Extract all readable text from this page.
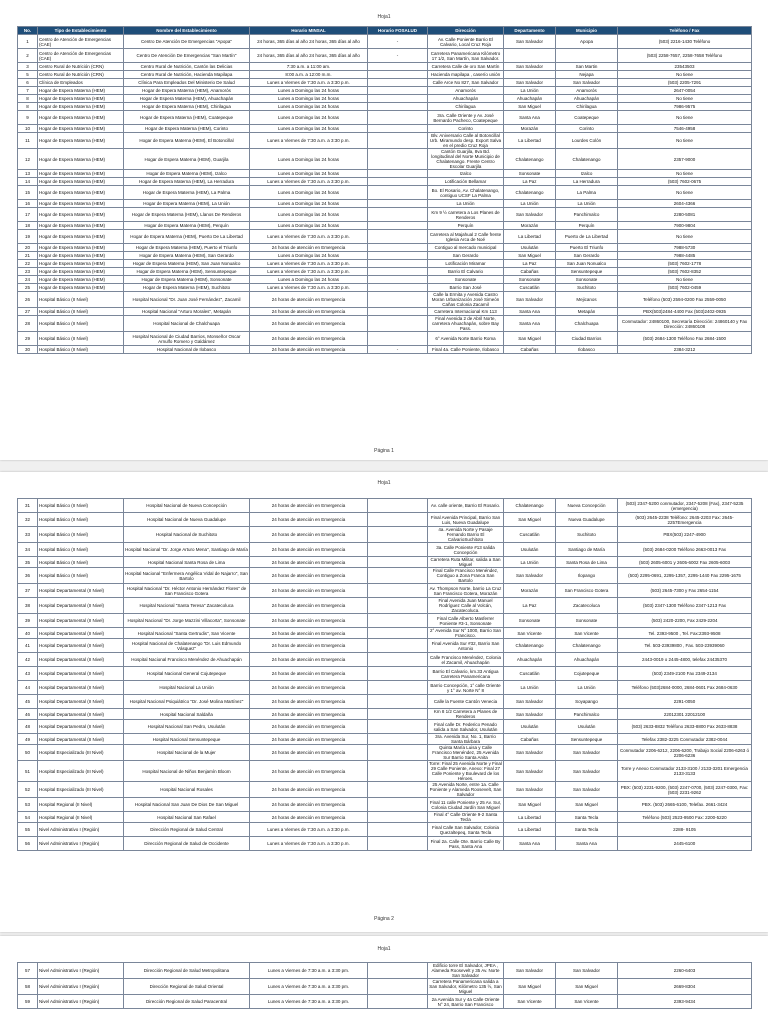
Hoja1
No.	Tipo de Establecimiento	Nombre del Establecimiento	Horario MINSAL	Horario FOSALUD	Dirección	Departamento	Municipio	Teléfono / Fax
1	Centro de Atención de Emergencias (CAE)	Centro De Atención De Emergencias "Apopa"	24 horas, 365 días al año 24 horas, 365 días al año	-	Av. Calle Poniente Barrio El Calvario, Local Cruz Roja	San Salvador	Apopa	(503) 2216-1430 Teléfono
2	Centro de Atención de Emergencias (CAE)	Centro De Atención De Emergencias "San Martín"	24 horas, 365 días al año 24 horas, 365 días al año	-	Carretera Panamericana Kilómetro 17 1/2, San Martín, San Salvador.			(503) 2258-7657, 2258-7658 Teléfono
3	Centro Rural de Nutrición (CRN)	Centro Rural de Nutrición, Cantón las Delicias	7:30 a.m. a 11:00 am.		Carretera Calle de oro San Martín	San Salvador	San Martin	23543503
5	Centro Rural de Nutrición (CRN)	Centro Rural de Nutrición, Hacienda Mapilapa	8:00 a.m. a 12:00 m.m.		Hacienda mapilapa , caserío unión		Nejapa	No tiene
6	Clínica de Empleados	Clínica Para Empleados Del Ministerio De Salud	Lunes a Viernes de 7:30 a.m. a 3:30 p.m.		Calle Arce No 827, San Salvador	San Salvador	San Salvador	(503) 2205-7291
7	Hogar de Espera Materna (HEM)	Hogar de Espera Materna (HEM), Anamorós	Lunes a Domingo las 24 horas		Anamorós	La Unión	Anamorós	2647-0054
8	Hogar de Espera Materna (HEM)	Hogar de Espera Materna (HEM), Ahuachapán	Lunes a Domingo las 24 horas		Ahuachapán	Ahuachapán	Ahuachapán	No tiene
8	Hogar de Espera Materna (HEM)	Hogar de Espera Materna (HEM), Chirilagua	Lunes a Domingo las 24 horas		Chirilagua	San Miguel	Chirilagua	7986-9575
9	Hogar de Espera Materna (HEM)	Hogar de Espera Materna (HEM), Coatepeque	Lunes a Domingo las 24 horas		3ra. Calle Oriente y Av. José Bernardo Pacheco, Coatepeque	Santa Ana	Coatepeque	No tiene
10	Hogar de Espera Materna (HEM)	Hogar de Espera Materna (HEM), Corinto	Lunes a Domingo las 24 horas		Corinto	Morazán	Corinto	7546-4958
11	Hogar de Espera Materna (HEM)	Hogar de Espera Materna (HEM), El Botoncillal	Lunes a Viernes de 7:30 a.m. a 3:30 p.m.		Blv. Aniversario Calle al Botoncillal Urb. Miramundo desp. Export Salva en el predio Cruz Roja	La Libertad	Lourdes Colón	No tiene
12	Hogar de Espera Materna (HEM)	Hogar de Espera Materna (HEM), Guarjila	Lunes a Domingo las 24 horas		Cantón Guarjila, 8va Bd. longitudinal del Norte Municipio de Chalatenango. Frente Centro Escolar Guarjila	Chalatenango	Chalatenango	2357-9000
13	Hogar de Espera Materna (HEM)	Hogar de Espera Materna (HEM), Izalco	Lunes a Domingo las 24 horas		Izalco	Sonsonate	Izalco	No tiene
14	Hogar de Espera Materna (HEM)	Hogar de Espera Materna (HEM), La Herradura	Lunes a Viernes de 7:30 a.m. a 3:30 p.m.		Lotificación Bellamar	La Paz	La Herradura	(503) 7602-0675
15	Hogar de Espera Materna (HEM)	Hogar de Espera Materna (HEM), La Palma	Lunes a Domingo las 24 horas		Bo. El Rosario, Av. Chalatenango, contiguo UCSF La Palma	Chalatenango	La Palma	No tiene
16	Hogar de Espera Materna (HEM)	Hogar de Espera Materna (HEM), La Unión	Lunes a Domingo las 24 horas		La Unión	La Unión	La Unión	2604-4366
17	Hogar de Espera Materna (HEM)	Hogar de Espera Materna (HEM), Llanos De Renderos	Lunes a Domingo las 24 horas		Km 9 ½ carretera a Los Planes de Renderos	San Salvador	Panchimalco	2280-5081
18	Hogar de Espera Materna (HEM)	Hogar de Espera Materna (HEM), Perquín	Lunes a Domingo las 24 horas		Perquín	Morazán	Perquín	7900-9804
19	Hogar de Espera Materna (HEM)	Hogar de Espera Materna (HEM), Puerto De La Libertad	Lunes a Viernes de 7:30 a.m. a 3:30 p.m.		Carretera al Majahual 2 Calle frente Iglesia Arca de Noé	La Libertad	Puerto de La Libertad	No tiene
20	Hogar de Espera Materna (HEM)	Hogar de Espera Materna (HEM), Puerto el Triunfo	24 horas de atención en Emergencia		Contiguo al mercado municipal	Usulután	Puerto El Triunfo	7988-5730
21	Hogar de Espera Materna (HEM)	Hogar de Espera Materna (HEM), San Gerardo	Lunes a Domingo las 24 horas		San Gerardo	San Miguel	San Gerardo	7988-4485
22	Hogar de Espera Materna (HEM)	Hogar de Espera Materna (HEM), San Juan Nonualco	Lunes a Viernes de 7:30 a.m. a 3:30 p.m.		Lotificación Miramar	La Paz	San Juan Nonualco	(503) 7602-1778
23	Hogar de Espera Materna (HEM)	Hogar de Espera Materna (HEM), Sensuntepeque	Lunes a Viernes de 7:30 a.m. a 3:30 p.m.		Barrio El Calvario	Cabañas	Sensuntepeque	(503) 7602-8352
24	Hogar de Espera Materna (HEM)	Hogar de Espera Materna (HEM), Sonsonate	Lunes a Domingo las 24 horas		Sonsonate	Sonsonate	Sonsonate	No tiene
25	Hogar de Espera Materna (HEM)	Hogar de Espera Materna (HEM), Suchitoto	Lunes a Viernes de 7:30 a.m. a 3:30 p.m.		Barrio San José	Cuscatlán	Suchitoto	(503) 7602-0459
26	Hospital Básico (II Nivel)	Hospital Nacional "Dr. Juan José Fernández", Zacamil	24 horas de atención en Emergencia		Calle la Ermita y Avenida Castro Moran Urbanización José Simeón Cañas Colonia Zacamil	San Salvador	Mejicanos	Teléfono (503) 2594-0200 Fax 2559-0050
27	Hospital Básico (II Nivel)	Hospital Nacional "Arturo Morales", Metapán	24 horas de atención en Emergencia		Carretera Internacional Km 113	Santa Ana	Metapán	PBX(503)2484-4400 Fax (503)2402-0935
28	Hospital Básico (II Nivel)	Hospital Nacional de Chalchuapa	24 horas de atención en Emergencia		Final Avenida 2 de Abril Norte, carretera Ahuachapán, sobre Bay Pass.	Santa Ana	Chalchuapa	Conmutador: 24860100, Secretaría Dirección: 24860140 y Fax Dirección: 24860108
29	Hospital Básico (II Nivel)	Hospital Nacional de Ciudad Barrios, Monseñor Oscar Arnulfo Romero y Galdámez	24 horas de atención en Emergencia		6° Avenida Norte Barrio Roma	San Miguel	Ciudad Barrios	(503) 2684-1300 Teléfono Fax 2684-1500
30	Hospital Básico (II Nivel)	Hospital Nacional de Ilobasco	24 horas de atención en Emergencia	-	Final 4a. Calle Poniente, Ilobasco	Cabañas	Ilobasco	2384-3212
Página 1
Hoja1
31	Hospital Básico (II Nivel)	Hospital Nacional de Nueva Concepción	24 horas de atención en Emergencia		Av. calle oriente, Barrio El Rosario.	Chalatenango	Nueva Concepción	(503) 2347-5200 conmutador, 2347-5208 (Fax), 2347-5235 (emergencia)
32	Hospital Básico (II Nivel)	Hospital Nacional de Nueva Guadalupe	24 horas de atención en Emergencia		Final Avenida Principal, Barrio San Luis, Nueva Guadalupe	San Miguel	Nueva Guadalupe	(503) 2645-2238 Teléfono: 2645-2203 Fax: 2645-2257Emergencia
33	Hospital Básico (II Nivel)	Hospital Nacional de Suchitoto	24 horas de atención en Emergencia		4a. Avenida Norte y Pasaje Fernando Barrio El CalvarioSuchitoto	Cuscatlán	Suchitoto	PBX(503) 2247-4900
34	Hospital Básico (II Nivel)	Hospital Nacional "Dr. Jorge Arturo Mena", Santiago de María	24 horas de atención en Emergencia		3a. Calle Poniente #13 salida Concepción	Usulután	Santiago de María	(503) 2684-0200 Teléfono 2663-0013 Fax
35	Hospital Básico (II Nivel)	Hospital Nacional Santa Rosa de Lima	24 horas de atención en Emergencia		Carretera Ruta Militar, salida a San Miguel	La Unión	Santa Rosa de Lima	(503) 2605-6001 y 2605-6002 Fax 2605-6003
36	Hospital Básico (II Nivel)	Hospital Nacional "Enfermera Angélica Vidal de Najarro", San Bartolo	24 horas de atención en Emergencia		Final Calle Francisco Menéndez, Contiguo a Zona Franca San Bartolo	San Salvador	Ilopango	(503) 2295-0691, 2295-1357, 2295-1440 Fax 2295-1675
37	Hospital Departamental (II Nivel)	Hospital Nacional "Dr. Héctor Antonio Hernández Flores" de San Francisco Gotera	24 horas de atención en Emergencia		Av. Thompson Norte, barrio La Cruz San Francisco Gotera, Morazán	Morazán	San Francisco Gotera	(503) 2645-7300 y Fax 2654-1154
38	Hospital Departamental (II Nivel)	Hospital Nacional "Santa Teresa" Zacatecoluca	24 horas de atención en Emergencia		Final Avenida Juan Manuel Rodríguez Calle al Volcán, Zacatecoluca.	La Paz	Zacatecoluca	(503) 2347-1300 Teléfono 2347-1213 Fax
39	Hospital Departamental (II Nivel)	Hospital Nacional "Dr. Jorge Mazzini Villacorta", Sonsonate	24 horas de atención en Emergencia		Final Calle Alberto Masferrer Poniente #3-1, Sonsonate	Sonsonate	Sonsonate	(503) 2420-2200, Fax 2429-2204
40	Hospital Departamental (II Nivel)	Hospital Nacional "Santa Gertrudis", San Vicente	24 horas de atención en Emergencia		2° Avenida Sur N° 1000, Barrio San Francisco.	San Vicente	San Vicente	Tel. 2393-9500 , Tel. Fax:2393-9508
41	Hospital Departamental (II Nivel)	Hospital Nacional de Chalatenango "Dr. Luis Edmundo Vásquez"	24 horas de atención en Emergencia		Final Avenida Sur #32, Barrio San Antonio	Chalatenango	Chalatenango	Tel. 503-23939800 , Fax. 503-23939060
42	Hospital Departamental (II Nivel)	Hospital Nacional Francisco Menéndez de Ahuachapán	24 horas de atención en Emergencia		Calle Francisco Menéndez, Colonia el Zacamil, Ahuachapán	Ahuachapán	Ahuachapán	2443-0019 o 2445-4800, telefax 24435370
43	Hospital Departamental (II Nivel)	Hospital Nacional General Cojutepeque	24 horas de atención en Emergencia		Barrio El Calvario, km.33 Antigua Carretera Panamericana	Cuscatlán	Cojutepeque	(503) 2349-2100 Fax 2349-2134
44	Hospital Departamental (II Nivel)	Hospital Nacional La Unión	24 horas de atención en Emergencia		Barrio Concepción, 1° calle Oriente y 1° av. Norte N° 8	La Unión	La Unión	Teléfono (503)2684-0000, 2684-0601 Fax 2684-0630
45	Hospital Departamental (II Nivel)	Hospital Nacional Psiquiátrico "Dr. José Molina Martínez"	24 horas de atención en Emergencia		Calle la Fuente Cantón Venecia	San Salvador	Soyapango	2291-0050
46	Hospital Departamental (II Nivel)	Hospital Nacional Saldaña	24 horas de atención en Emergencia		Km 8 1/2 Carretera a Planes de Renderos	San Salvador	Panchimalco	22012301 22012100
48	Hospital Departamental (II Nivel)	Hospital Nacional San Pedro, Usulután	24 horas de atención en Emergencia		Final calle Dr. Federico Penado salida a San Salvador, Usulután	Usulután	Usulután	(503) 2633-8832 Teléfono 2633-8800 Fax 2633-8838
49	Hospital Departamental (II Nivel)	Hospital Nacional Sensuntepeque	24 horas de atención en Emergencia		3ra. Avenida Sur, No. 1, Barrio Santa Bárbara	Cabañas	Sensuntepeque	Telefax 2382-3225 Conmutador 2382-0044
50	Hospital Especializado (III Nivel)	Hospital Nacional de la Mujer	24 horas de atención en Emergencia		Quinta María Luisa y Calle Francisco Menéndez, 25 Avenida Sur Barrio Santa Anita	San Salvador	San Salvador	Conmutador 2206-6212, 2206-6200, Trabajo Social 2206-6263 ó 2206-6236
51	Hospital Especializado (III Nivel)	Hospital Nacional de Niños Benjamín Bloom	24 horas de atención en Emergencia		Torre: Final 25 Avenida Norte y Final 29 Calle Poniente, Anexo: Final 27 Calle Poniente y Boulevard de los Héroes.	San Salvador	San Salvador	Torre y Anexo Conmutador 2133-3100 / 2133-3201 Emergencia 2133-3133
52	Hospital Especializado (III Nivel)	Hospital Nacional Rosales	24 horas de atención en Emergencia		25 Avenida Norte, entre 1a. Calle Poniente y Alameda Roosevelt, San Salvador	San Salvador	San Salvador	PBX: (503) 2231-9200, (503) 2247-0700, (503) 2247-0300, Fax: (503) 2231-9262
53	Hospital Regional (II Nivel)	Hospital Nacional San Juan De Dios De San Miguel	24 horas de atención en Emergencia		Final 11 calle Poniente y 25 Av. Sur, Colonia Ciudad Jardín San Miguel	San Miguel	San Miguel	PBX. (503) 2665-6100, Telefax. 2661-3424
54	Hospital Regional (II Nivel)	Hospital Nacional San Rafael	24 horas de atención en Emergencia		Final 4° Calle Oriente 9-2 Santa Tecla	La Libertad	Santa Tecla	Teléfono (503) 2523-9500 Fax: 2200-5220
55	Nivel Administrativo I (Región)	Dirección Regional de Salud Central	Lunes a Viernes de 7:30 a.m. a 3:30 p.m.		Final Calle San Salvador, Colonia Quezaltepeq, Santa Tecla	La Libertad	Santa Tecla	2288- 9105
56	Nivel Administrativo I (Región)	Dirección Regional de Salud de Occidente	Lunes a Viernes de 7:30 a.m. a 3:30 p.m.		Final 2a. Calle Ote. Barrio Calle By Pass, Santa Ana	Santa Ana	Santa Ana	2445-6100
Página 2
Hoja1
57	Nivel Administrativo I (Región)	Dirección Regional de Salud Metropolitana	Lunes a Viernes de 7:30 a.m. a 3:30 pm.		Edificio torre El Salvador, JPEA , Alameda Roosevelt y 35 Av. Norte San Salvador	San Salvador	San Salvador	2260-6403
58	Nivel Administrativo I (Región)	Dirección Regional de Salud Oriental	Lunes a Viernes de 7:30 a.m. a 3:30 pm.		Carretera Panamericana salida a San Salvador, Kilómetro 135 ½, San Miguel	San Miguel	San Miguel	2669-8304
59	Nivel Administrativo I (Región)	Dirección Regional de Salud Paracentral	Lunes a Viernes de 7:30 a.m. a 3:30 pm.		2a Avenida Sur y 4a Calle Oriente N° 24, Barrio San Francisco	San Vicente	San Vicente	2393-9434
